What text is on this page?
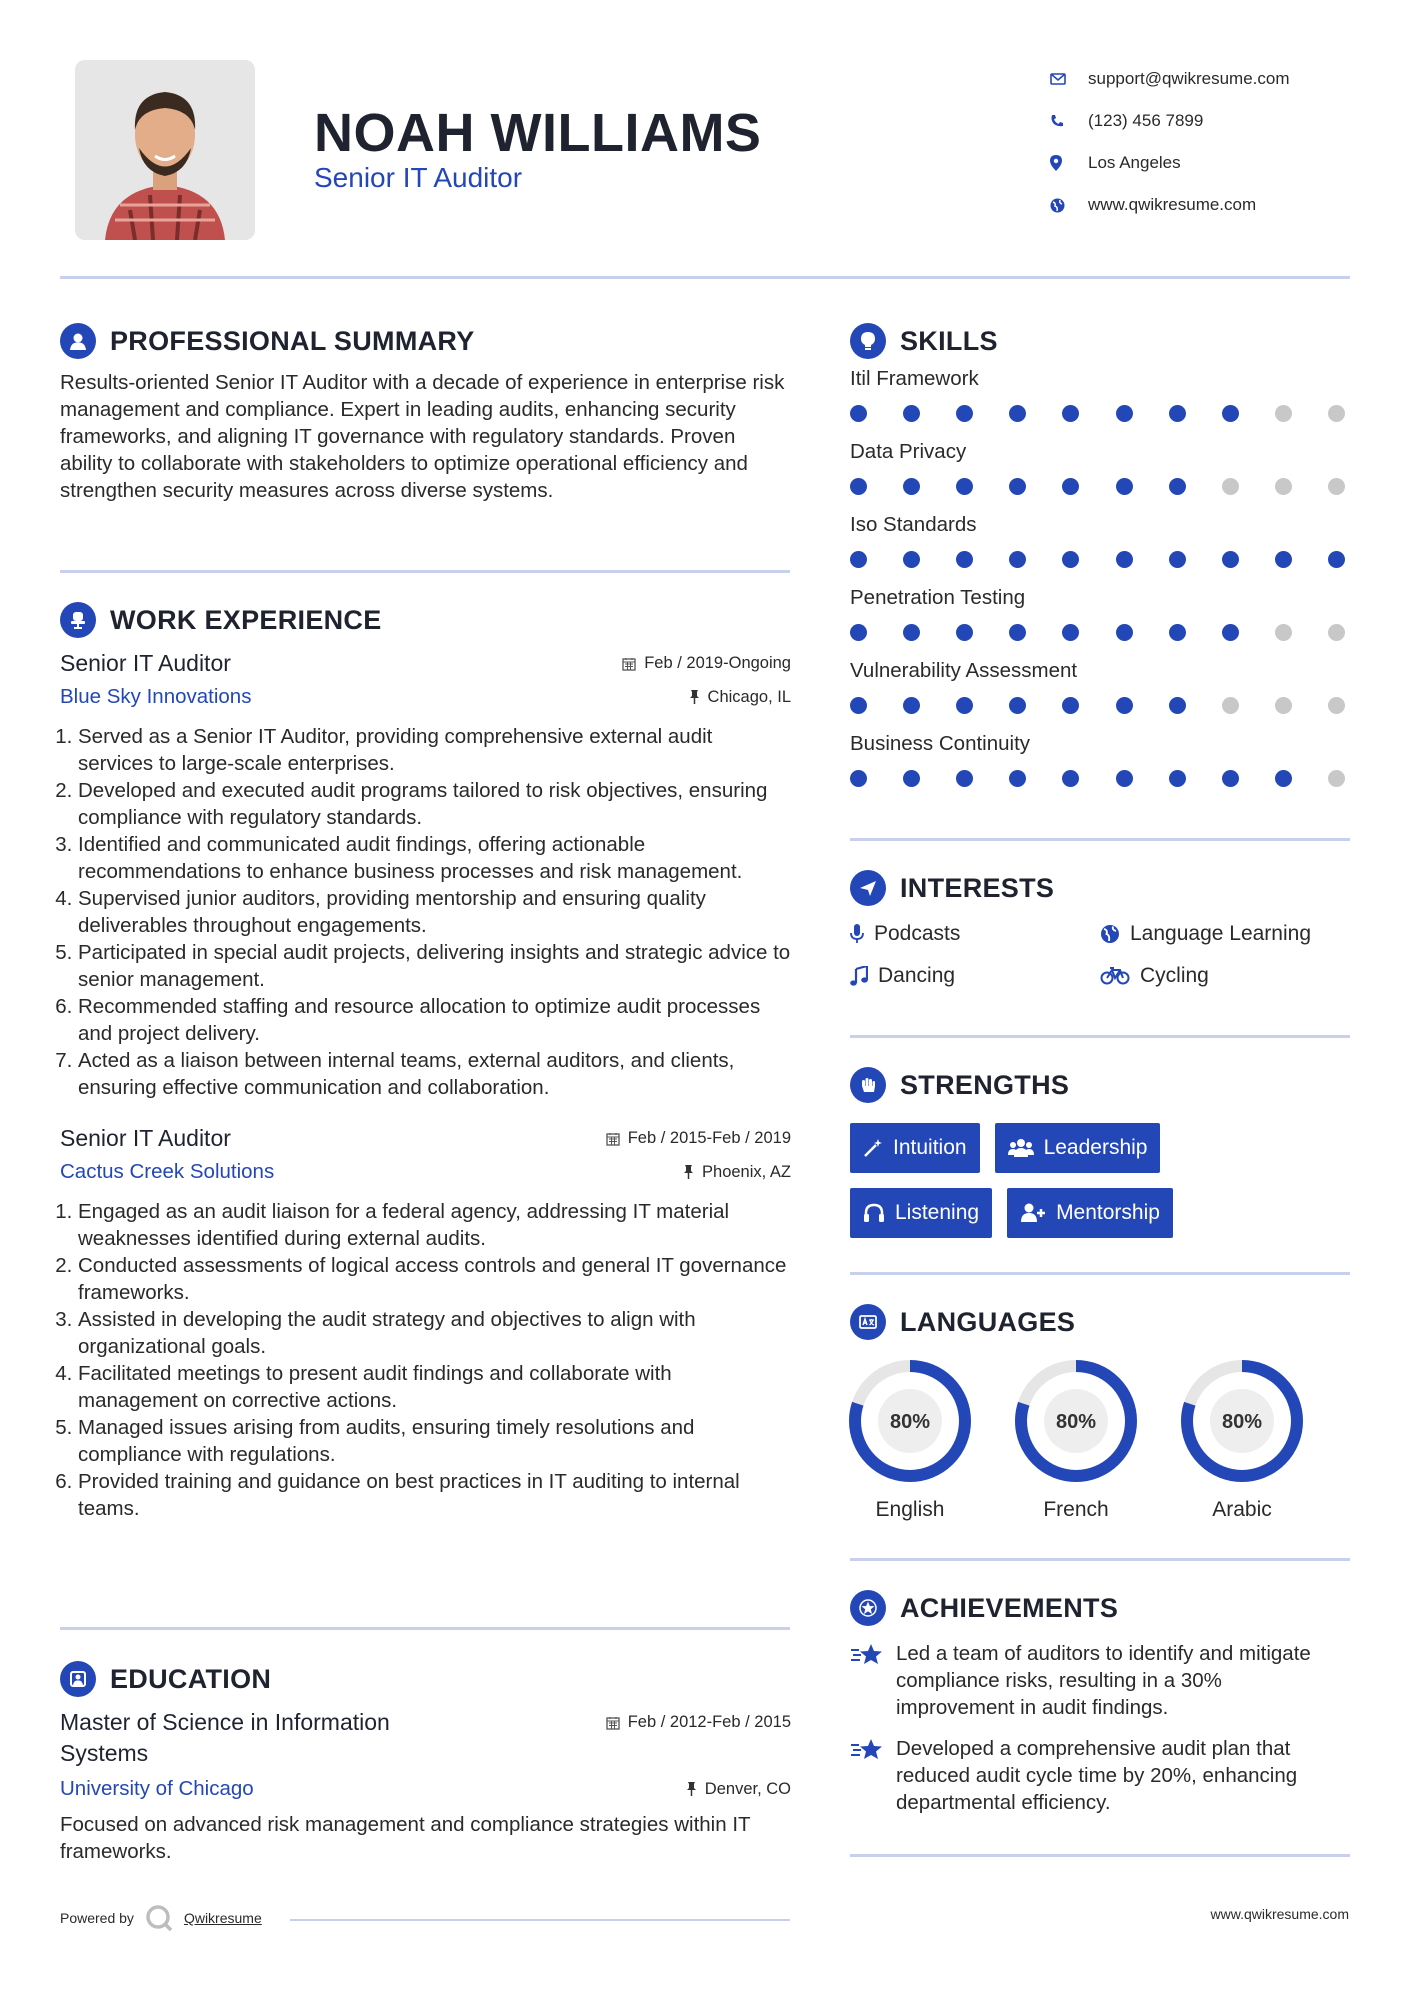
NOAH WILLIAMS
Senior IT Auditor
support@qwikresume.com
(123) 456 7899
Los Angeles
www.qwikresume.com
PROFESSIONAL SUMMARY
Results-oriented Senior IT Auditor with a decade of experience in enterprise risk management and compliance. Expert in leading audits, enhancing security frameworks, and aligning IT governance with regulatory standards. Proven ability to collaborate with stakeholders to optimize operational efficiency and strengthen security measures across diverse systems.
WORK EXPERIENCE
Senior IT Auditor	Feb / 2019-Ongoing
Blue Sky Innovations	Chicago, IL
1. Served as a Senior IT Auditor, providing comprehensive external audit services to large-scale enterprises.
2. Developed and executed audit programs tailored to risk objectives, ensuring compliance with regulatory standards.
3. Identified and communicated audit findings, offering actionable recommendations to enhance business processes and risk management.
4. Supervised junior auditors, providing mentorship and ensuring quality deliverables throughout engagements.
5. Participated in special audit projects, delivering insights and strategic advice to senior management.
6. Recommended staffing and resource allocation to optimize audit processes and project delivery.
7. Acted as a liaison between internal teams, external auditors, and clients, ensuring effective communication and collaboration.
Senior IT Auditor	Feb / 2015-Feb / 2019
Cactus Creek Solutions	Phoenix, AZ
1. Engaged as an audit liaison for a federal agency, addressing IT material weaknesses identified during external audits.
2. Conducted assessments of logical access controls and general IT governance frameworks.
3. Assisted in developing the audit strategy and objectives to align with organizational goals.
4. Facilitated meetings to present audit findings and collaborate with management on corrective actions.
5. Managed issues arising from audits, ensuring timely resolutions and compliance with regulations.
6. Provided training and guidance on best practices in IT auditing to internal teams.
EDUCATION
Master of Science in Information Systems
Feb / 2012-Feb / 2015
University of Chicago	Denver, CO
Focused on advanced risk management and compliance strategies within IT frameworks.
SKILLS
Itil Framework
Data Privacy
Iso Standards
Penetration Testing
Vulnerability Assessment
Business Continuity
INTERESTS
Podcasts	Language Learning
Dancing	Cycling
STRENGTHS
Intuition	Leadership
Listening	Mentorship
LANGUAGES
80%
English
80%
French
80%
Arabic
ACHIEVEMENTS
Led a team of auditors to identify and mitigate compliance risks, resulting in a 30% improvement in audit findings.
Developed a comprehensive audit plan that reduced audit cycle time by 20%, enhancing departmental efficiency.
Powered by	Qwikresume	www.qwikresume.com
